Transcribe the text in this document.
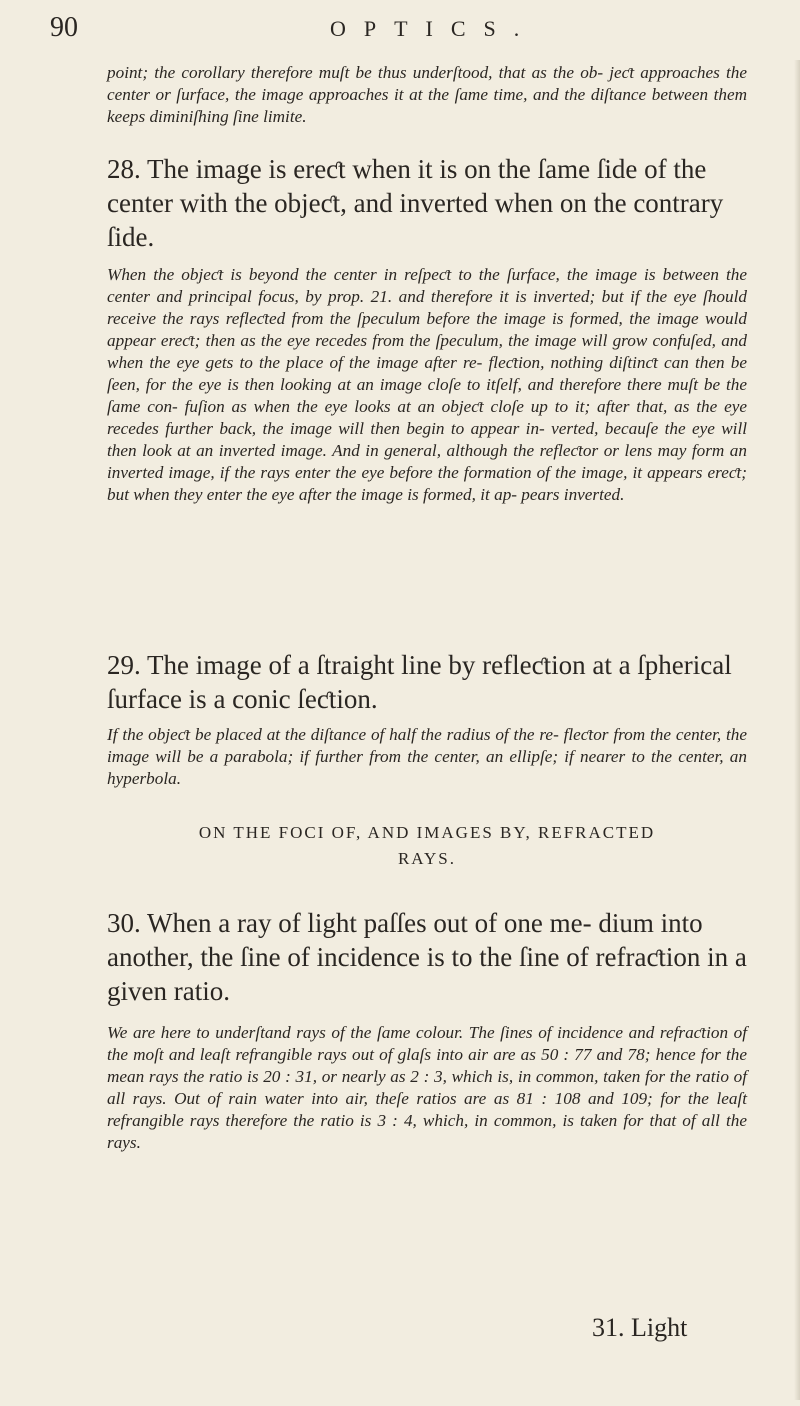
90	OPTICS.

point; the corollary therefore muſt be thus underſtood, that as the ob- jeƈt approaches the center or ſurface, the image approaches it at the ſame time, and the diſtance between them keeps diminiſhing ſine limite.

28. The image is ereƈt when it is on the ſame ſide of the center with the objeƈt, and inverted when on the contrary ſide.

When the objeƈt is beyond the center in reſpeƈt to the ſurface, the image is between the center and principal focus, by prop. 21. and therefore it is inverted; but if the eye ſhould receive the rays refleƈted from the ſpeculum before the image is formed, the image would appear ereƈt; then as the eye recedes from the ſpeculum, the image will grow confuſed, and when the eye gets to the place of the image after re- fleƈtion, nothing diſtinƈt can then be ſeen, for the eye is then looking at an image cloſe to itſelf, and therefore there muſt be the ſame con- fuſion as when the eye looks at an objeƈt cloſe up to it; after that, as the eye recedes further back, the image will then begin to appear in- verted, becauſe the eye will then look at an inverted image. And in general, although the refleƈtor or lens may form an inverted image, if the rays enter the eye before the formation of the image, it appears ereƈt; but when they enter the eye after the image is formed, it ap- pears inverted.

29. The image of a ſtraight line by refleƈtion at a ſpherical ſurface is a conic ſeƈtion.

If the objeƈt be placed at the diſtance of half the radius of the re- fleƈtor from the center, the image will be a parabola; if further from the center, an ellipſe; if nearer to the center, an hyperbola.

ON THE FOCI OF, AND IMAGES BY, REFRACTED
RAYS.

30. When a ray of light paſſes out of one me- dium into another, the ſine of incidence is to the ſine of refraƈtion in a given ratio.

We are here to underſtand rays of the ſame colour. The ſines of incidence and refraƈtion of the moſt and leaſt refrangible rays out of glaſs into air are as 50 : 77 and 78; hence for the mean rays the ratio is 20 : 31, or nearly as 2 : 3, which is, in common, taken for the ratio of all rays. Out of rain water into air, theſe ratios are as 81 : 108 and 109; for the leaſt refrangible rays therefore the ratio is 3 : 4, which, in common, is taken for that of all the rays.

31. Light
